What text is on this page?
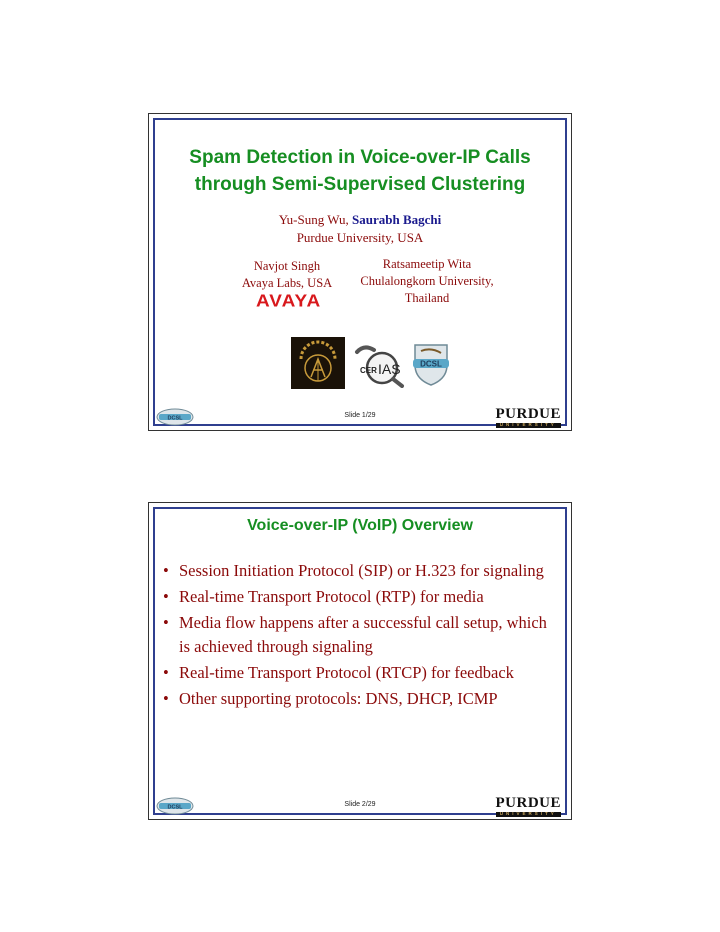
Spam Detection in Voice-over-IP Calls
through Semi-Supervised Clustering
Yu-Sung Wu, Saurabh Bagchi
Purdue University, USA
Navjot Singh
Avaya Labs, USA
Ratsameetip Wita
Chulalongkorn University,
Thailand
AVAYA
CER IAS DCSL
DCSL	Slide 1/29	PURDUE
UNIVERSITY
Voice-over-IP (VoIP) Overview
• Session Initiation Protocol (SIP) or H.323 for signaling
• Real-time Transport Protocol (RTP) for media
• Media flow happens after a successful call setup, which is achieved through signaling
• Real-time Transport Protocol (RTCP) for feedback
• Other supporting protocols: DNS, DHCP, ICMP
DCSL	Slide 2/29	PURDUE
UNIVERSITY
